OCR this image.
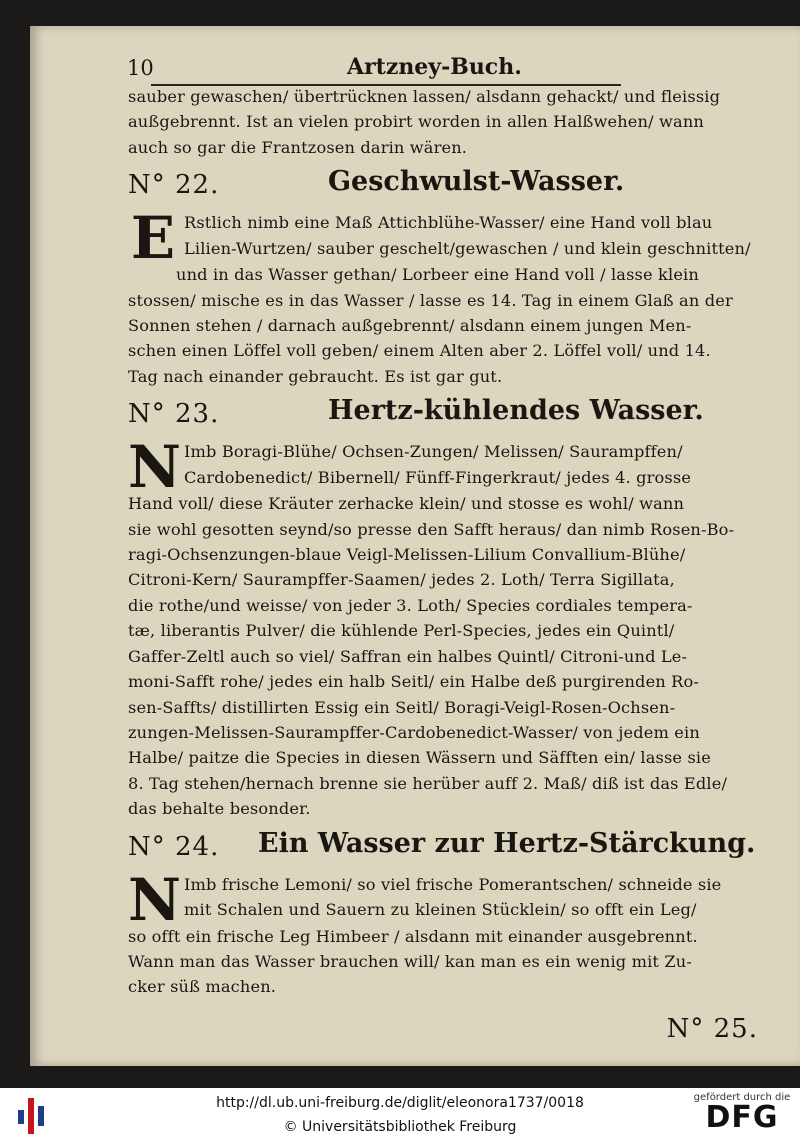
10	Artzney-Buch.

sauber gewaschen/ übertrücknen lassen/ alsdann gehackt/ und fleissig

außgebrennt. Ist an vielen probirt worden in allen Halßwehen/ wann

auch so gar die Frantzosen darin wären.

N° 22.	Geschwulst-Wasser.
E Rstlich nimb eine Maß Attichblühe-Wasser/ eine Hand voll blau

Lilien-Wurtzen/ sauber geschelt/gewaschen / und klein geschnitten/

und in das Wasser gethan/ Lorbeer eine Hand voll / lasse klein

stossen/ mische es in das Wasser / lasse es 14. Tag in einem Glaß an der

Sonnen stehen / darnach außgebrennt/ alsdann einem jungen Men-

schen einen Löffel voll geben/ einem Alten aber 2. Löffel voll/ und 14.

Tag nach einander gebraucht. Es ist gar gut.

N° 23.	Hertz-kühlendes Wasser.
N Imb Boragi-Blühe/ Ochsen-Zungen/ Melissen/ Saurampffen/

Cardobenedict/ Bibernell/ Fünff-Fingerkraut/ jedes 4. grosse

Hand voll/ diese Kräuter zerhacke klein/ und stosse es wohl/ wann

sie wohl gesotten seynd/so presse den Safft heraus/ dan nimb Rosen-Bo-

ragi-Ochsenzungen-blaue Veigl-Melissen-Lilium Convallium-Blühe/

Citroni-Kern/ Saurampffer-Saamen/ jedes 2. Loth/ Terra Sigillata,

die rothe/und weisse/ von jeder 3. Loth/ Species cordiales tempera-

tæ, liberantis Pulver/ die kühlende Perl-Species, jedes ein Quintl/

Gaffer-Zeltl auch so viel/ Saffran ein halbes Quintl/ Citroni-und Le-

moni-Safft rohe/ jedes ein halb Seitl/ ein Halbe deß purgirenden Ro-

sen-Saffts/ distillirten Essig ein Seitl/ Boragi-Veigl-Rosen-Ochsen-

zungen-Melissen-Saurampffer-Cardobenedict-Wasser/ von jedem ein

Halbe/ paitze die Species in diesen Wässern und Säfften ein/ lasse sie

8. Tag stehen/hernach brenne sie herüber auff 2. Maß/ diß ist das Edle/

das behalte besonder.

N° 24. Ein Wasser zur Hertz-Stärckung.
N Imb frische Lemoni/ so viel frische Pomerantschen/ schneide sie

mit Schalen und Sauern zu kleinen Stücklein/ so offt ein Leg/

so offt ein frische Leg Himbeer / alsdann mit einander ausgebrennt.

Wann man das Wasser brauchen will/ kan man es ein wenig mit Zu-

cker süß machen.

N° 25.
http://dl.ub.uni-freiburg.de/diglit/eleonora1737/0018
© Universitätsbibliothek Freiburg
gefördert durch die
DFG
